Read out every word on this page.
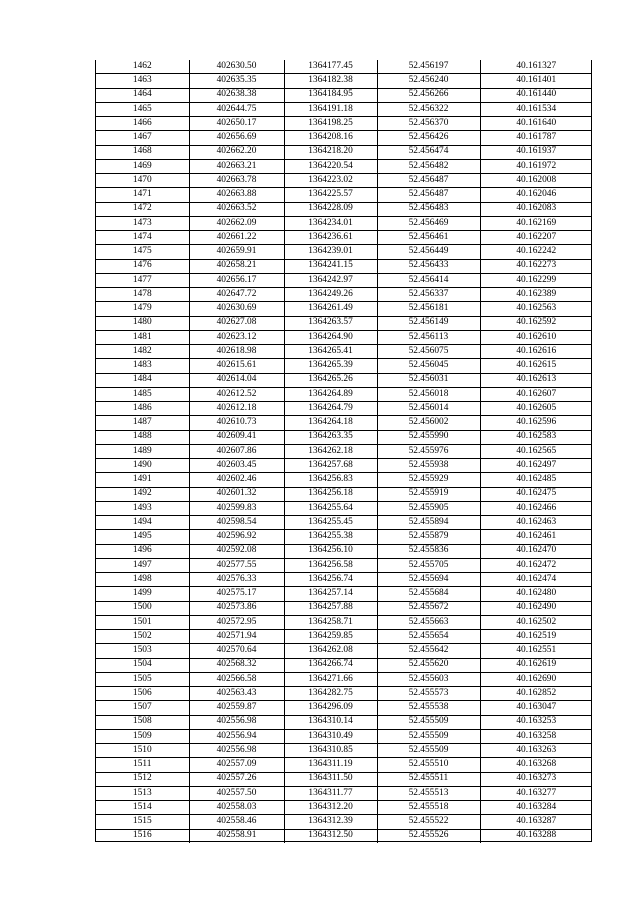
1462	402630.50	1364177.45	52.456197	40.161327
1463	402635.35	1364182.38	52.456240	40.161401
1464	402638.38	1364184.95	52.456266	40.161440
1465	402644.75	1364191.18	52.456322	40.161534
1466	402650.17	1364198.25	52.456370	40.161640
1467	402656.69	1364208.16	52.456426	40.161787
1468	402662.20	1364218.20	52.456474	40.161937
1469	402663.21	1364220.54	52.456482	40.161972
1470	402663.78	1364223.02	52.456487	40.162008
1471	402663.88	1364225.57	52.456487	40.162046
1472	402663.52	1364228.09	52.456483	40.162083
1473	402662.09	1364234.01	52.456469	40.162169
1474	402661.22	1364236.61	52.456461	40.162207
1475	402659.91	1364239.01	52.456449	40.162242
1476	402658.21	1364241.15	52.456433	40.162273
1477	402656.17	1364242.97	52.456414	40.162299
1478	402647.72	1364249.26	52.456337	40.162389
1479	402630.69	1364261.49	52.456181	40.162563
1480	402627.08	1364263.57	52.456149	40.162592
1481	402623.12	1364264.90	52.456113	40.162610
1482	402618.98	1364265.41	52.456075	40.162616
1483	402615.61	1364265.39	52.456045	40.162615
1484	402614.04	1364265.26	52.456031	40.162613
1485	402612.52	1364264.89	52.456018	40.162607
1486	402612.18	1364264.79	52.456014	40.162605
1487	402610.73	1364264.18	52.456002	40.162596
1488	402609.41	1364263.35	52.455990	40.162583
1489	402607.86	1364262.18	52.455976	40.162565
1490	402603.45	1364257.68	52.455938	40.162497
1491	402602.46	1364256.83	52.455929	40.162485
1492	402601.32	1364256.18	52.455919	40.162475
1493	402599.83	1364255.64	52.455905	40.162466
1494	402598.54	1364255.45	52.455894	40.162463
1495	402596.92	1364255.38	52.455879	40.162461
1496	402592.08	1364256.10	52.455836	40.162470
1497	402577.55	1364256.58	52.455705	40.162472
1498	402576.33	1364256.74	52.455694	40.162474
1499	402575.17	1364257.14	52.455684	40.162480
1500	402573.86	1364257.88	52.455672	40.162490
1501	402572.95	1364258.71	52.455663	40.162502
1502	402571.94	1364259.85	52.455654	40.162519
1503	402570.64	1364262.08	52.455642	40.162551
1504	402568.32	1364266.74	52.455620	40.162619
1505	402566.58	1364271.66	52.455603	40.162690
1506	402563.43	1364282.75	52.455573	40.162852
1507	402559.87	1364296.09	52.455538	40.163047
1508	402556.98	1364310.14	52.455509	40.163253
1509	402556.94	1364310.49	52.455509	40.163258
1510	402556.98	1364310.85	52.455509	40.163263
1511	402557.09	1364311.19	52.455510	40.163268
1512	402557.26	1364311.50	52.455511	40.163273
1513	402557.50	1364311.77	52.455513	40.163277
1514	402558.03	1364312.20	52.455518	40.163284
1515	402558.46	1364312.39	52.455522	40.163287
1516	402558.91	1364312.50	52.455526	40.163288
